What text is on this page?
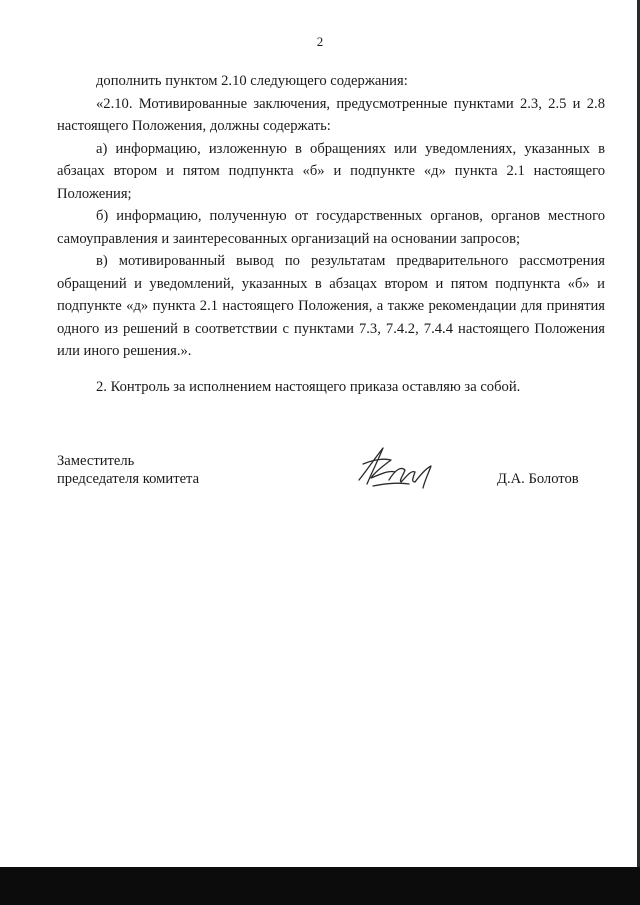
2

дополнить пунктом 2.10 следующего содержания:

«2.10. Мотивированные заключения, предусмотренные пунктами 2.3, 2.5 и 2.8 настоящего Положения, должны содержать:

а) информацию, изложенную в обращениях или уведомлениях, указанных в абзацах втором и пятом подпункта «б» и подпункте «д» пункта 2.1 настоящего Положения;

б) информацию, полученную от государственных органов, органов местного самоуправления и заинтересованных организаций на основании запросов;

в) мотивированный вывод по результатам предварительного рассмотрения обращений и уведомлений, указанных в абзацах втором и пятом подпункта «б» и подпункте «д» пункта 2.1 настоящего Положения, а также рекомендации для принятия одного из решений в соответствии с пунктами 7.3, 7.4.2, 7.4.4 настоящего Положения или иного решения.».

2. Контроль за исполнением настоящего приказа оставляю за собой.
Заместитель
председателя комитета	Д.А. Болотов
